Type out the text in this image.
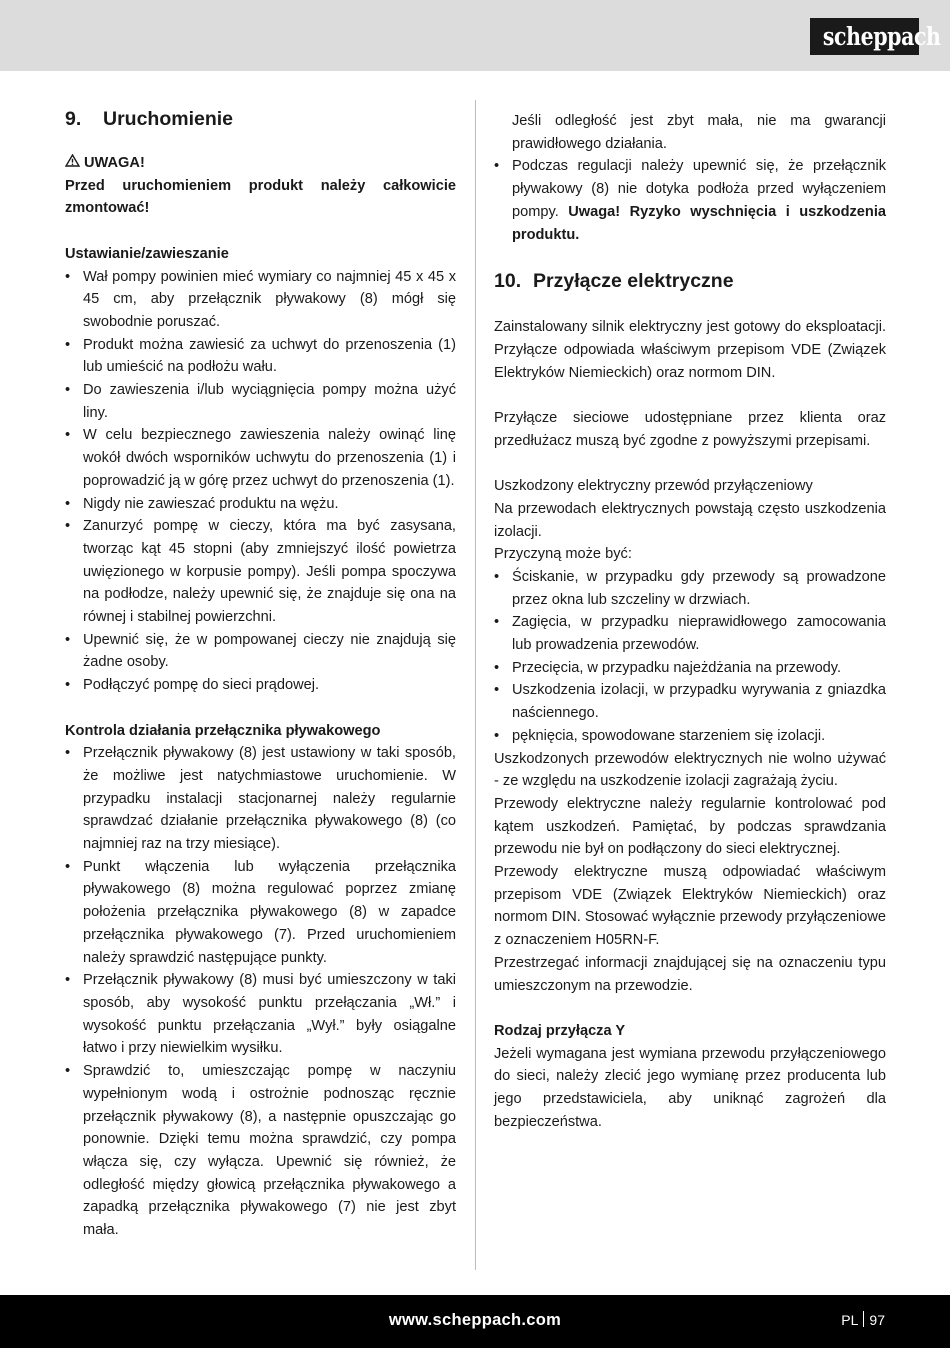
scheppach
9. Uruchomienie

UWAGA!

Przed uruchomieniem produkt należy całkowicie zmontować!

Ustawianie/zawieszanie

• Wał pompy powinien mieć wymiary co najmniej 45 x 45 x 45 cm, aby przełącznik pływakowy (8) mógł się swobodnie poruszać.
• Produkt można zawiesić za uchwyt do przenoszenia (1) lub umieścić na podłożu wału.
• Do zawieszenia i/lub wyciągnięcia pompy można użyć liny.
• W celu bezpiecznego zawieszenia należy owinąć linę wokół dwóch wsporników uchwytu do przenoszenia (1) i poprowadzić ją w górę przez uchwyt do przenoszenia (1).
• Nigdy nie zawieszać produktu na wężu.
• Zanurzyć pompę w cieczy, która ma być zasysana, tworząc kąt 45 stopni (aby zmniejszyć ilość powietrza uwięzionego w korpusie pompy). Jeśli pompa spoczywa na podłodze, należy upewnić się, że znajduje się ona na równej i stabilnej powierzchni.
• Upewnić się, że w pompowanej cieczy nie znajdują się żadne osoby.
• Podłączyć pompę do sieci prądowej.

Kontrola działania przełącznika pływakowego

• Przełącznik pływakowy (8) jest ustawiony w taki sposób, że możliwe jest natychmiastowe uruchomienie. W przypadku instalacji stacjonarnej należy regularnie sprawdzać działanie przełącznika pływakowego (8) (co najmniej raz na trzy miesiące).
• Punkt włączenia lub wyłączenia przełącznika pływakowego (8) można regulować poprzez zmianę położenia przełącznika pływakowego (8) w zapadce przełącznika pływakowego (7). Przed uruchomieniem należy sprawdzić następujące punkty.
• Przełącznik pływakowy (8) musi być umieszczony w taki sposób, aby wysokość punktu przełączania „Wł.” i wysokość punktu przełączania „Wył.” były osiągalne łatwo i przy niewielkim wysiłku.
• Sprawdzić to, umieszczając pompę w naczyniu wypełnionym wodą i ostrożnie podnosząc ręcznie przełącznik pływakowy (8), a następnie opuszczając go ponownie. Dzięki temu można sprawdzić, czy pompa włącza się, czy wyłącza. Upewnić się również, że odległość między głowicą przełącznika pływakowego a zapadką przełącznika pływakowego (7) nie jest zbyt mała.

Jeśli odległość jest zbyt mała, nie ma gwarancji prawidłowego działania.

• Podczas regulacji należy upewnić się, że przełącznik pływakowy (8) nie dotyka podłoża przed wyłączeniem pompy. Uwaga! Ryzyko wyschnięcia i uszkodzenia produktu.
10. Przyłącze elektryczne

Zainstalowany silnik elektryczny jest gotowy do eksploatacji. Przyłącze odpowiada właściwym przepisom VDE (Związek Elektryków Niemieckich) oraz normom DIN.

Przyłącze sieciowe udostępniane przez klienta oraz przedłużacz muszą być zgodne z powyższymi przepisami.

Uszkodzony elektryczny przewód przyłączeniowy

Na przewodach elektrycznych powstają często uszkodzenia izolacji.

Przyczyną może być:

• Ściskanie, w przypadku gdy przewody są prowadzone przez okna lub szczeliny w drzwiach.
• Zagięcia, w przypadku nieprawidłowego zamocowania lub prowadzenia przewodów.
• Przecięcia, w przypadku najeżdżania na przewody.
• Uszkodzenia izolacji, w przypadku wyrywania z gniazdka naściennego.
• pęknięcia, spowodowane starzeniem się izolacji.

Uszkodzonych przewodów elektrycznych nie wolno używać - ze względu na uszkodzenie izolacji zagrażają życiu.

Przewody elektryczne należy regularnie kontrolować pod kątem uszkodzeń. Pamiętać, by podczas sprawdzania przewodu nie był on podłączony do sieci elektrycznej.

Przewody elektryczne muszą odpowiadać właściwym przepisom VDE (Związek Elektryków Niemieckich) oraz normom DIN. Stosować wyłącznie przewody przyłączeniowe z oznaczeniem H05RN-F.

Przestrzegać informacji znajdującej się na oznaczeniu typu umieszczonym na przewodzie.

Rodzaj przyłącza Y

Jeżeli wymagana jest wymiana przewodu przyłączeniowego do sieci, należy zlecić jego wymianę przez producenta lub jego przedstawiciela, aby uniknąć zagrożeń dla bezpieczeństwa.

www.scheppach.com	PL 97
